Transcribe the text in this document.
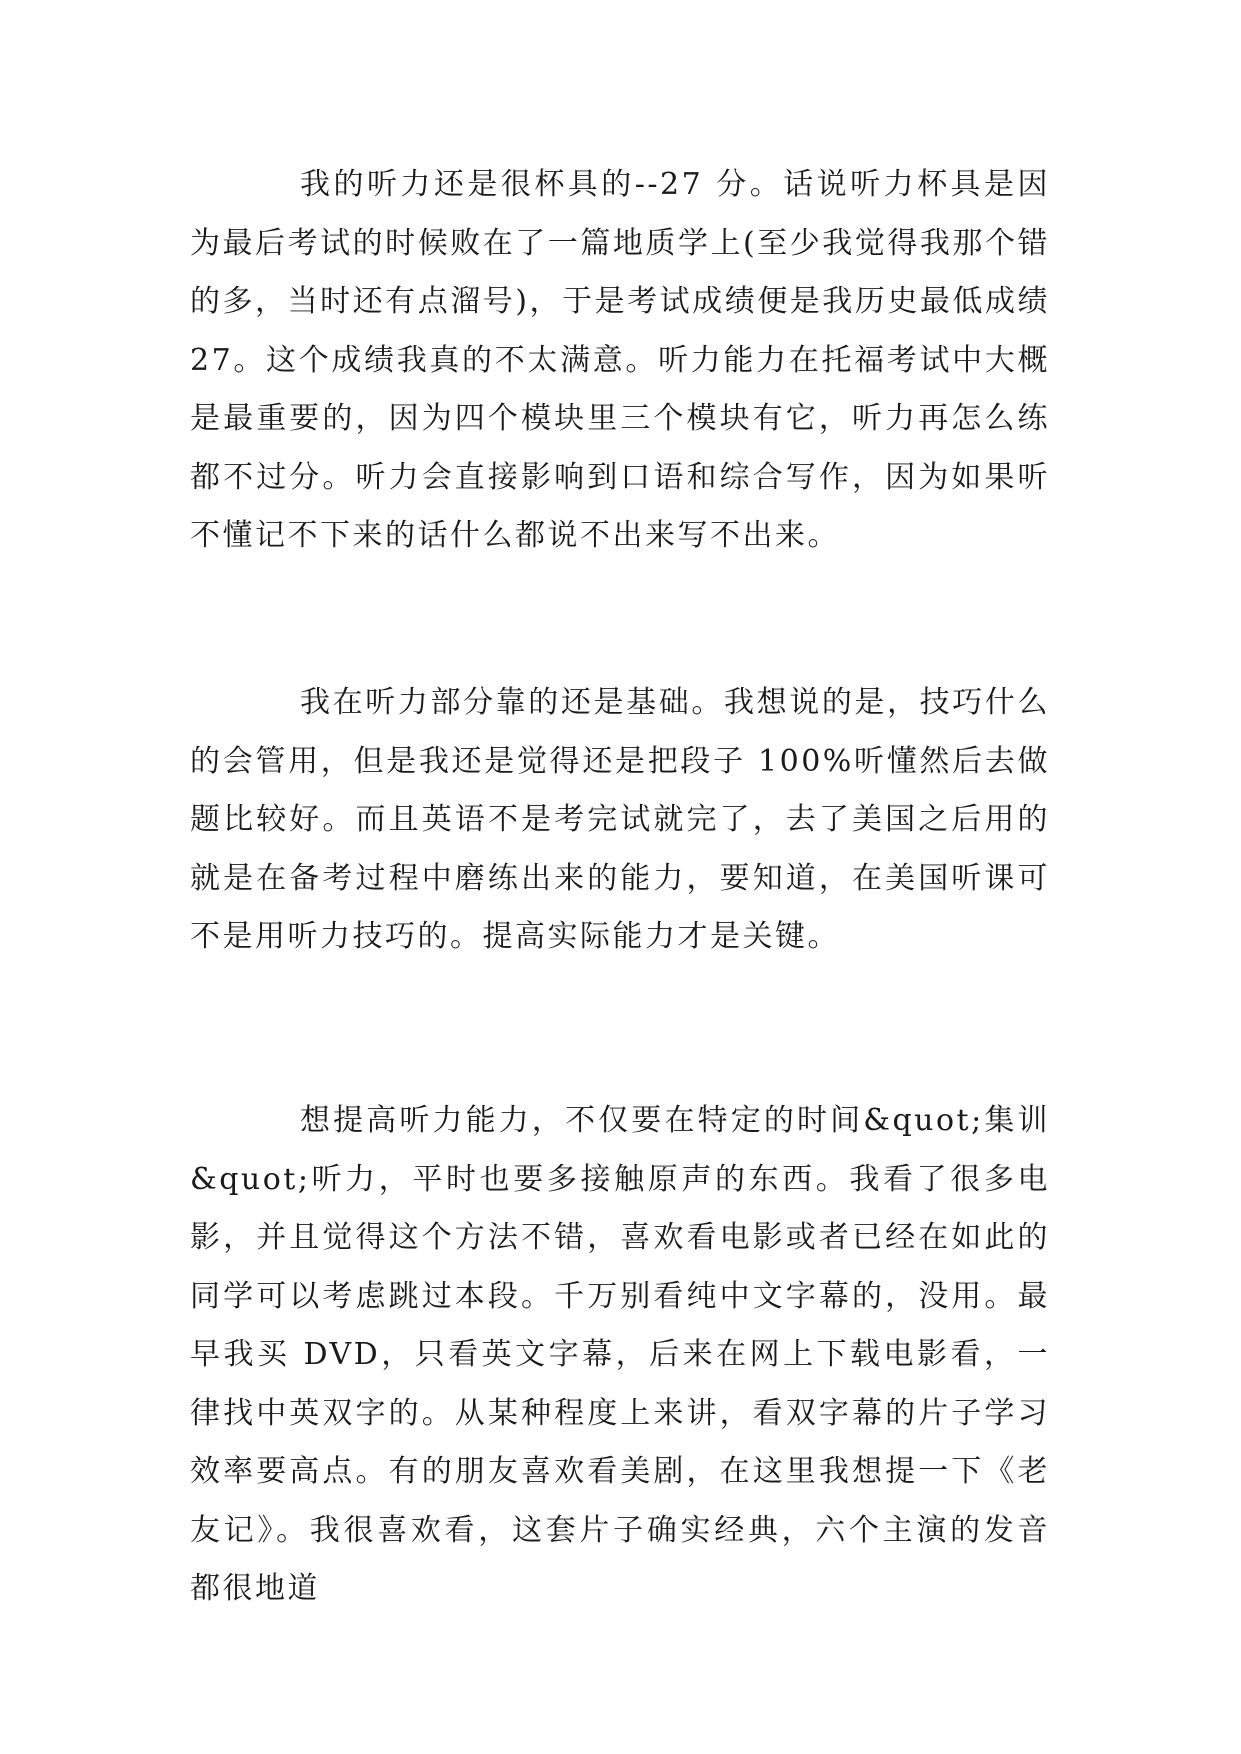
我的听力还是很杯具的--27 分。话说听力杯具是因为最后考试的时候败在了一篇地质学上(至少我觉得我那个错的多，当时还有点溜号)，于是考试成绩便是我历史最低成绩 27。这个成绩我真的不太满意。听力能力在托福考试中大概是最重要的，因为四个模块里三个模块有它，听力再怎么练都不过分。听力会直接影响到口语和综合写作，因为如果听不懂记不下来的话什么都说不出来写不出来。

我在听力部分靠的还是基础。我想说的是，技巧什么的会管用，但是我还是觉得还是把段子 100%听懂然后去做题比较好。而且英语不是考完试就完了，去了美国之后用的就是在备考过程中磨练出来的能力，要知道，在美国听课可不是用听力技巧的。提高实际能力才是关键。

想提高听力能力，不仅要在特定的时间&quot;集训&quot;听力，平时也要多接触原声的东西。我看了很多电影，并且觉得这个方法不错，喜欢看电影或者已经在如此的同学可以考虑跳过本段。千万别看纯中文字幕的，没用。最早我买 DVD，只看英文字幕，后来在网上下载电影看，一律找中英双字的。从某种程度上来讲，看双字幕的片子学习效率要高点。有的朋友喜欢看美剧，在这里我想提一下《老友记》。我很喜欢看，这套片子确实经典，六个主演的发音都很地道
